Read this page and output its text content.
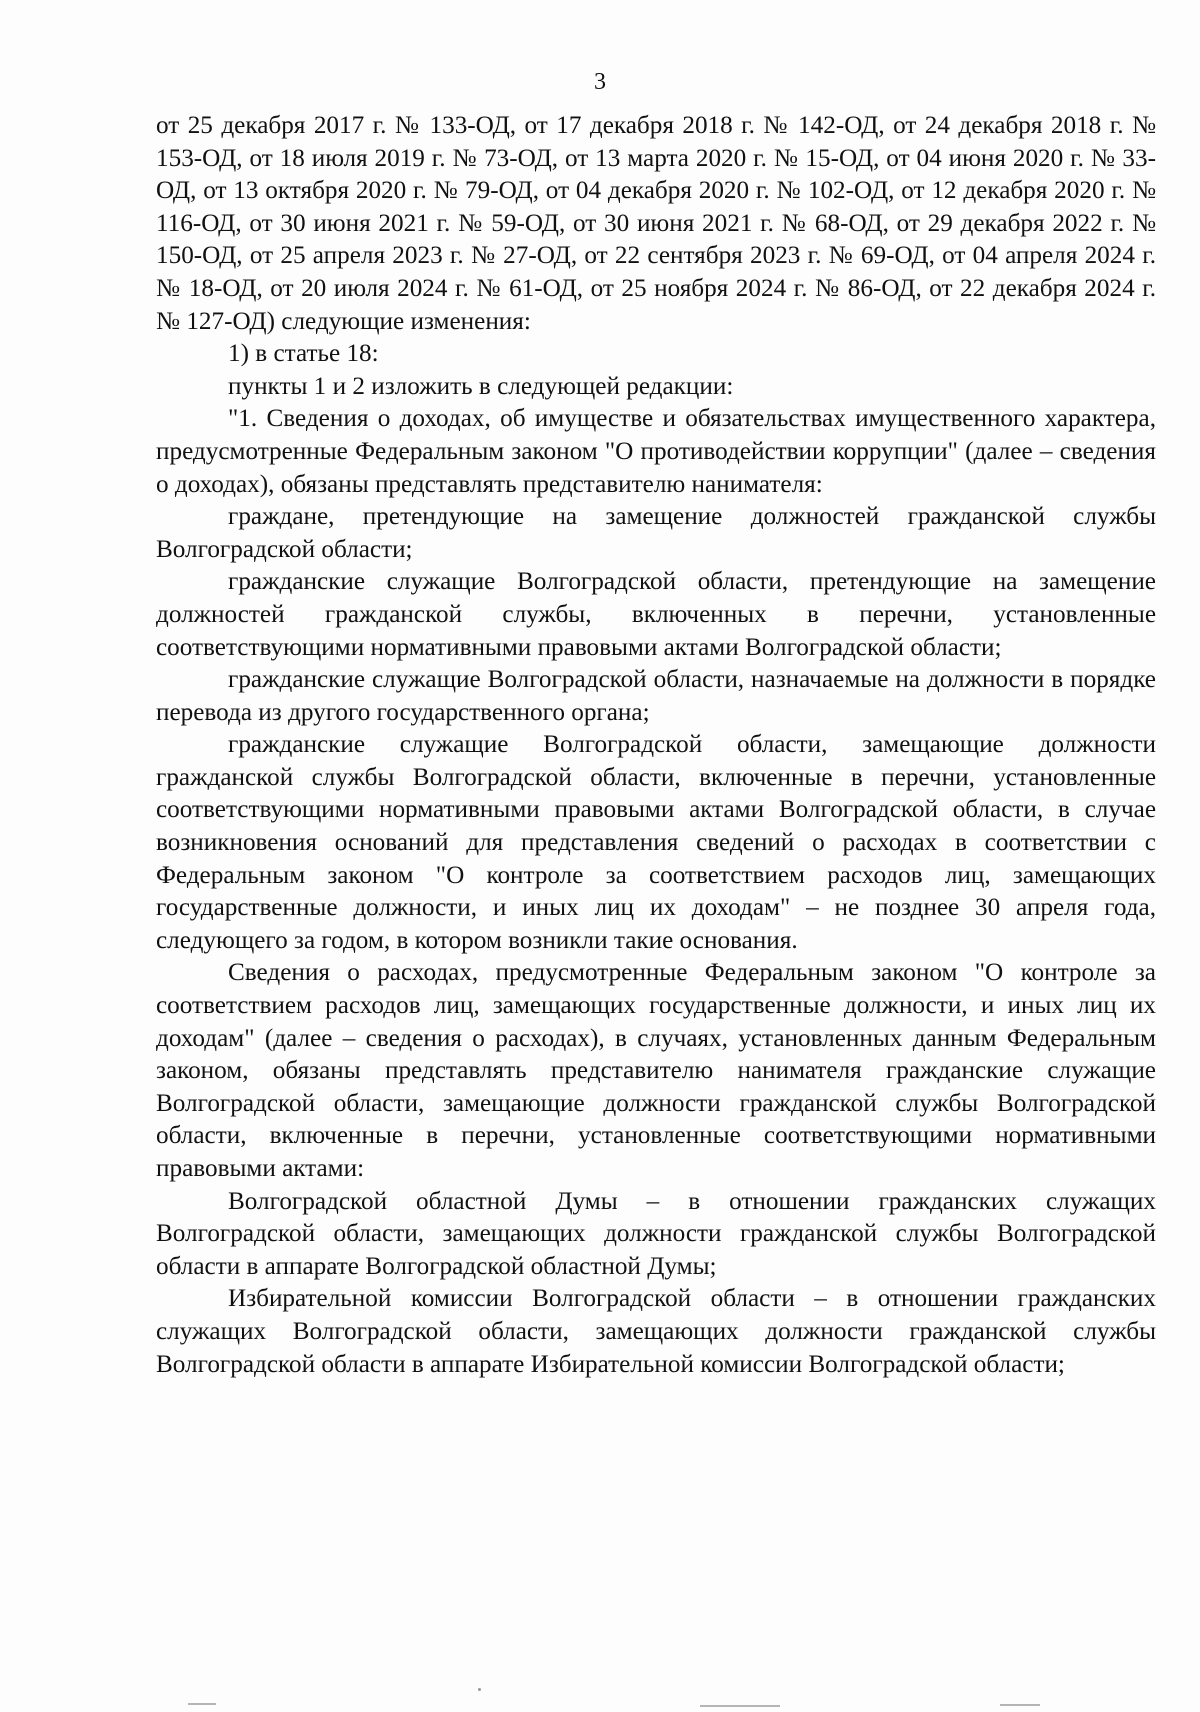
3

от 25 декабря 2017 г. № 133-ОД, от 17 декабря 2018 г. № 142-ОД, от 24 декабря 2018 г. № 153-ОД, от 18 июля 2019 г. № 73-ОД, от 13 марта 2020 г. № 15-ОД, от 04 июня 2020 г. № 33-ОД, от 13 октября 2020 г. № 79-ОД, от 04 декабря 2020 г. № 102-ОД, от 12 декабря 2020 г. № 116-ОД, от 30 июня 2021 г. № 59-ОД, от 30 июня 2021 г. № 68-ОД, от 29 декабря 2022 г. № 150-ОД, от 25 апреля 2023 г. № 27-ОД, от 22 сентября 2023 г. № 69-ОД, от 04 апреля 2024 г. № 18-ОД, от 20 июля 2024 г. № 61-ОД, от 25 ноября 2024 г. № 86-ОД, от 22 декабря 2024 г. № 127-ОД) следующие изменения:

1) в статье 18:

пункты 1 и 2 изложить в следующей редакции:

"1. Сведения о доходах, об имуществе и обязательствах имущественного характера, предусмотренные Федеральным законом "О противодействии коррупции" (далее – сведения о доходах), обязаны представлять представителю нанимателя:

граждане, претендующие на замещение должностей гражданской службы Волгоградской области;

гражданские служащие Волгоградской области, претендующие на замещение должностей гражданской службы, включенных в перечни, установленные соответствующими нормативными правовыми актами Волгоградской области;

гражданские служащие Волгоградской области, назначаемые на должности в порядке перевода из другого государственного органа;

гражданские служащие Волгоградской области, замещающие должности гражданской службы Волгоградской области, включенные в перечни, установленные соответствующими нормативными правовыми актами Волгоградской области, в случае возникновения оснований для представления сведений о расходах в соответствии с Федеральным законом "О контроле за соответствием расходов лиц, замещающих государственные должности, и иных лиц их доходам" – не позднее 30 апреля года, следующего за годом, в котором возникли такие основания.

Сведения о расходах, предусмотренные Федеральным законом "О контроле за соответствием расходов лиц, замещающих государственные должности, и иных лиц их доходам" (далее – сведения о расходах), в случаях, установленных данным Федеральным законом, обязаны представлять представителю нанимателя гражданские служащие Волгоградской области, замещающие должности гражданской службы Волгоградской области, включенные в перечни, установленные соответствующими нормативными правовыми актами:

Волгоградской областной Думы – в отношении гражданских служащих Волгоградской области, замещающих должности гражданской службы Волгоградской области в аппарате Волгоградской областной Думы;

Избирательной комиссии Волгоградской области – в отношении гражданских служащих Волгоградской области, замещающих должности гражданской службы Волгоградской области в аппарате Избирательной комиссии Волгоградской области;
